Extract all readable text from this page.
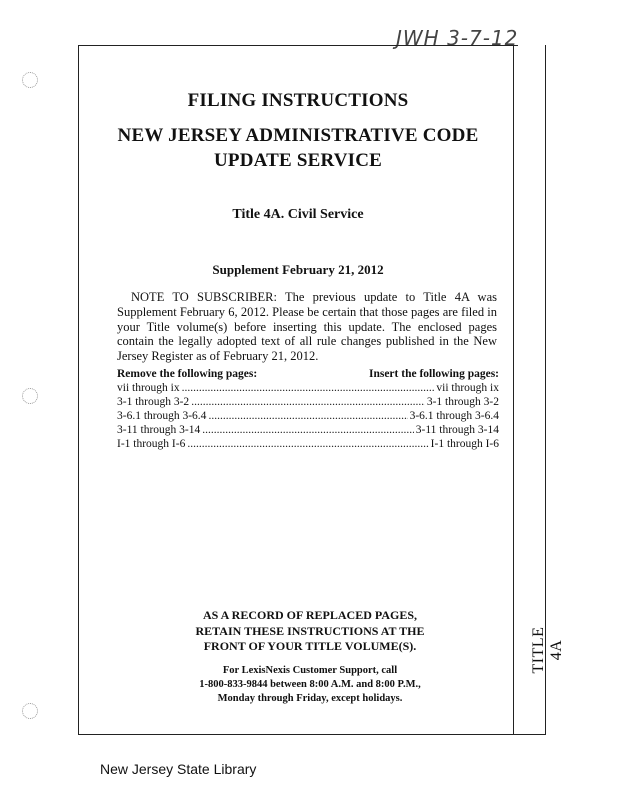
JWH 3-7-12
TITLE 4A
FILING INSTRUCTIONS
NEW JERSEY ADMINISTRATIVE CODE
UPDATE SERVICE
Title 4A. Civil Service
Supplement February 21, 2012
NOTE TO SUBSCRIBER: The previous update to Title 4A was Supplement February 6, 2012. Please be certain that those pages are filed in your Title volume(s) before inserting this update. The enclosed pages contain the legally adopted text of all rule changes published in the New Jersey Register as of February 21, 2012.
Remove the following pages:	Insert the following pages:
vii through ix .....	vii through ix
3-1 through 3-2 .....	3-1 through 3-2
3-6.1 through 3-6.4 .....	3-6.1 through 3-6.4
3-11 through 3-14 .....	3-11 through 3-14
I-1 through I-6 .....	I-1 through I-6
AS A RECORD OF REPLACED PAGES,
RETAIN THESE INSTRUCTIONS AT THE
FRONT OF YOUR TITLE VOLUME(S).
For LexisNexis Customer Support, call
1-800-833-9844 between 8:00 A.M. and 8:00 P.M.,
Monday through Friday, except holidays.
New Jersey State Library
